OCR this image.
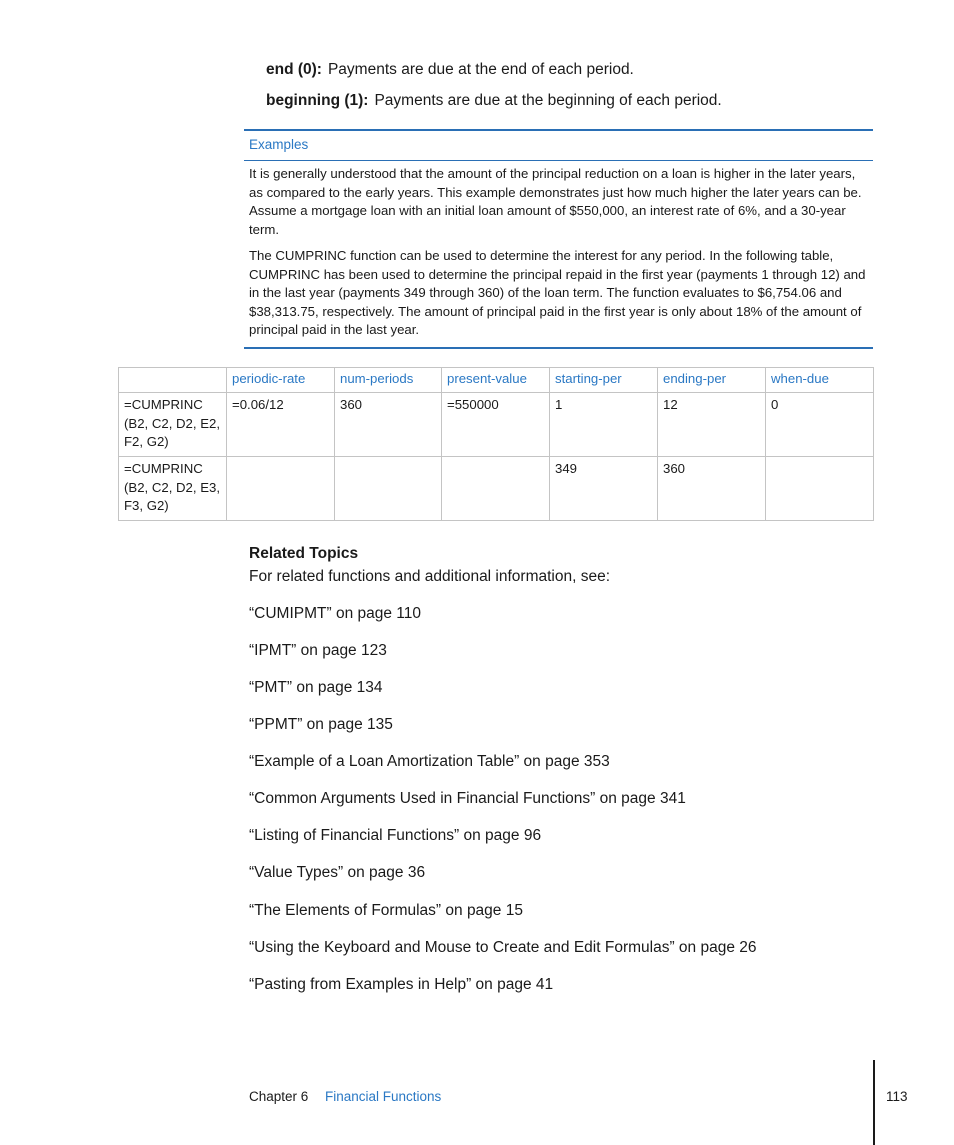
end (0): Payments are due at the end of each period.
beginning (1): Payments are due at the beginning of each period.
Examples
It is generally understood that the amount of the principal reduction on a loan is higher in the later years, as compared to the early years. This example demonstrates just how much higher the later years can be. Assume a mortgage loan with an initial loan amount of $550,000, an interest rate of 6%, and a 30-year term.
The CUMPRINC function can be used to determine the interest for any period. In the following table, CUMPRINC has been used to determine the principal repaid in the first year (payments 1 through 12) and in the last year (payments 349 through 360) of the loan term. The function evaluates to $6,754.06 and $38,313.75, respectively. The amount of principal paid in the first year is only about 18% of the amount of principal paid in the last year.
	periodic-rate	num-periods	present-value	starting-per	ending-per	when-due
=CUMPRINC (B2, C2, D2, E2, F2, G2)	=0.06/12	360	=550000	1	12	0
=CUMPRINC (B2, C2, D2, E3, F3, G2)				349	360	
Related Topics
For related functions and additional information, see:
“CUMIPMT” on page 110
“IPMT” on page 123
“PMT” on page 134
“PPMT” on page 135
“Example of a Loan Amortization Table” on page 353
“Common Arguments Used in Financial Functions” on page 341
“Listing of Financial Functions” on page 96
“Value Types” on page 36
“The Elements of Formulas” on page 15
“Using the Keyboard and Mouse to Create and Edit Formulas” on page 26
“Pasting from Examples in Help” on page 41
Chapter 6 Financial Functions	113
